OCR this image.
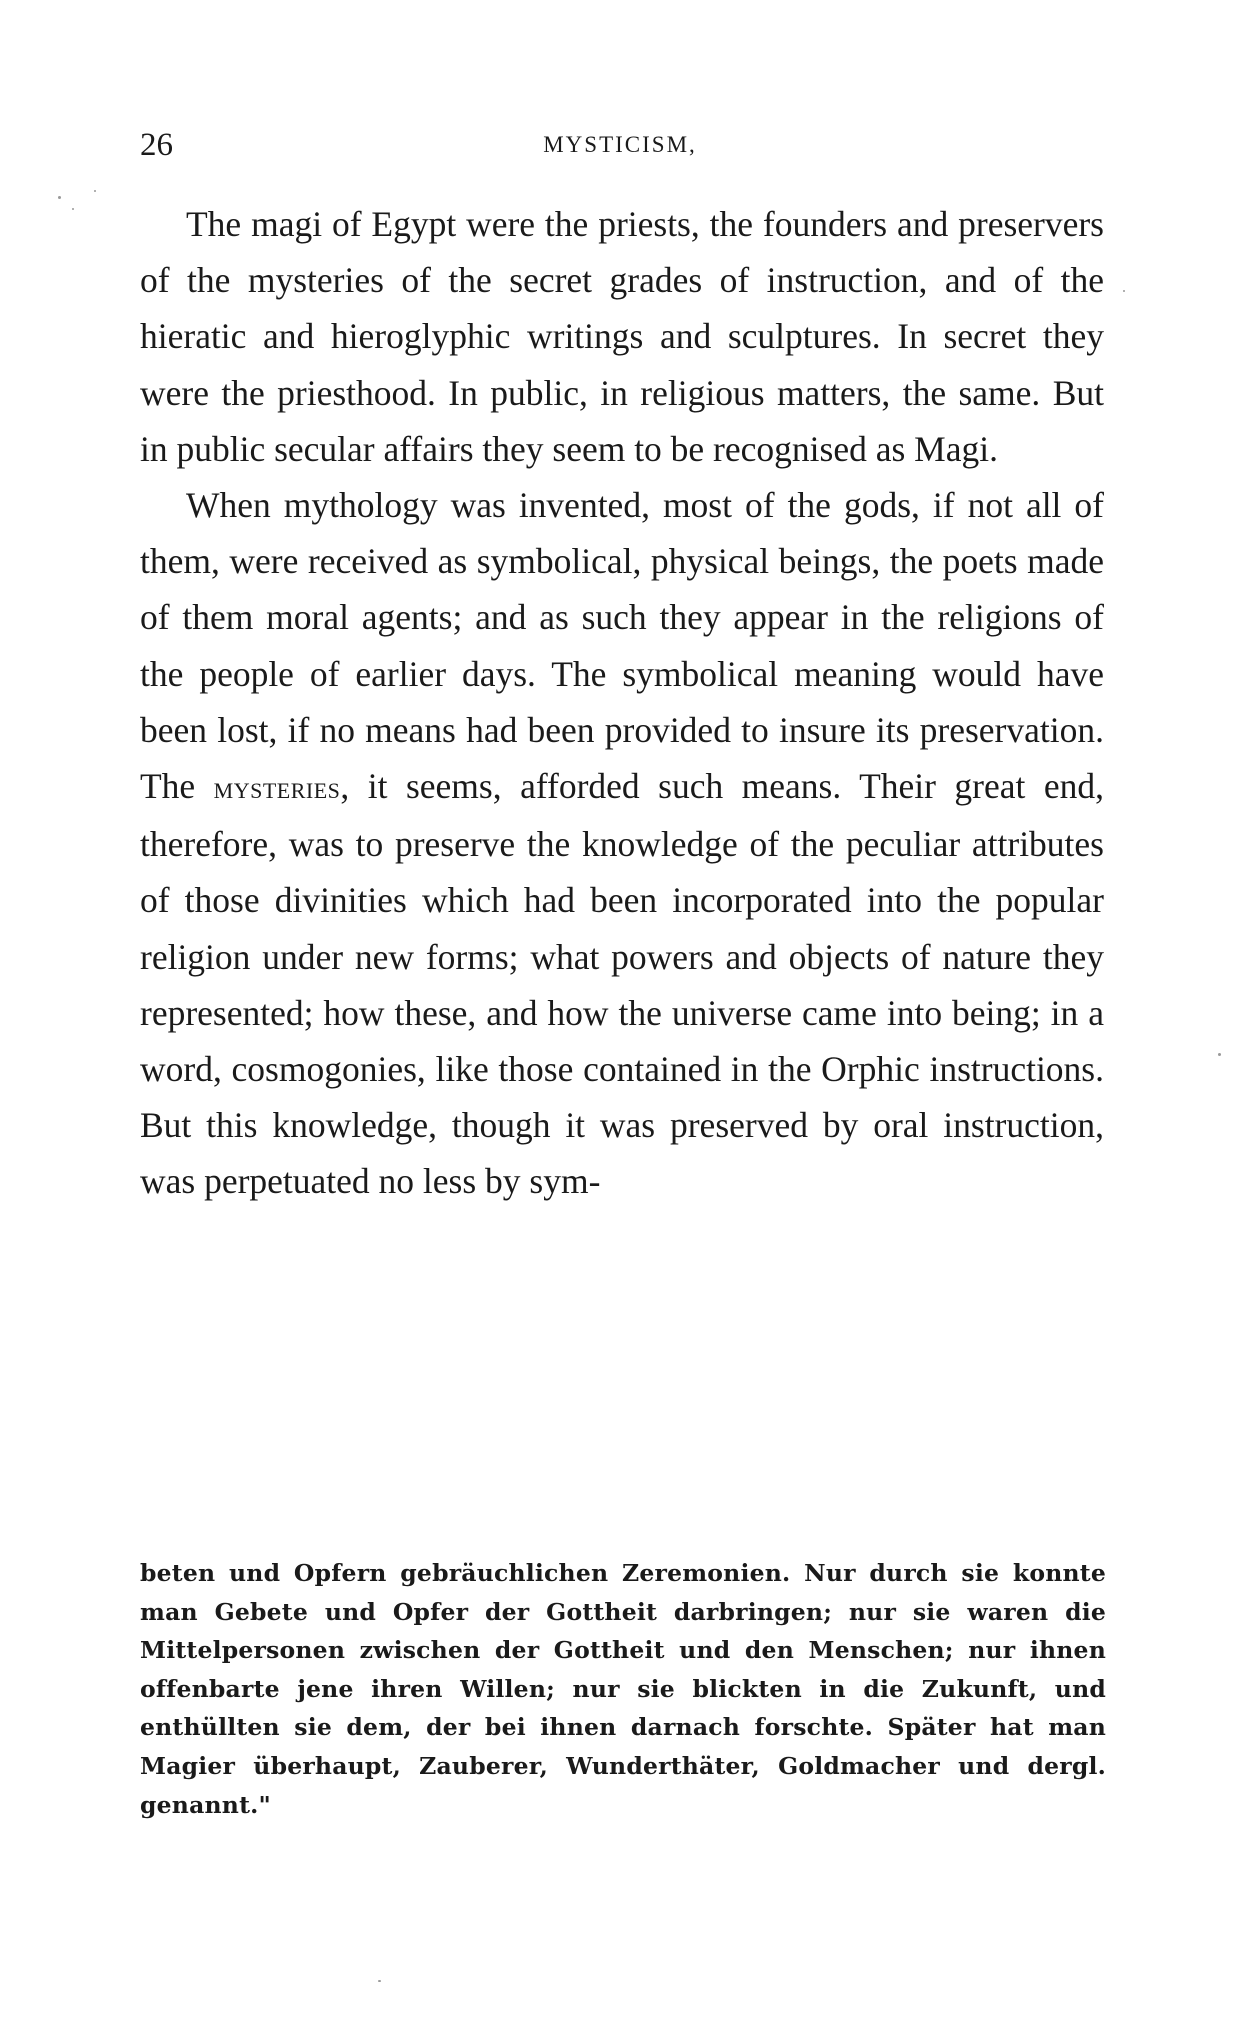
26	MYSTICISM,

The magi of Egypt were the priests, the founders and preservers of the mysteries of the secret grades of instruction, and of the hieratic and hieroglyphic writings and sculptures. In secret they were the priesthood. In public, in religious matters, the same. But in public secular affairs they seem to be recognised as Magi.

When mythology was invented, most of the gods, if not all of them, were received as symbolical, physical beings, the poets made of them moral agents; and as such they appear in the religions of the people of earlier days. The symbolical meaning would have been lost, if no means had been provided to insure its preservation. The mysteries, it seems, afforded such means. Their great end, therefore, was to preserve the knowledge of the peculiar attributes of those divinities which had been incorporated into the popular religion under new forms; what powers and objects of nature they represented; how these, and how the universe came into being; in a word, cosmogonies, like those contained in the Orphic instructions. But this knowledge, though it was preserved by oral instruction, was perpetuated no less by sym-

beten und Opfern gebräuchlichen Zeremonien. Nur durch sie konnte man Gebete und Opfer der Gottheit darbringen; nur sie waren die Mittelpersonen zwischen der Gottheit und den Menschen; nur ihnen offenbarte jene ihren Willen; nur sie blickten in die Zukunft, und enthüllten sie dem, der bei ihnen darnach forschte. Später hat man Magier überhaupt, Zauberer, Wunderthäter, Goldmacher und dergl. genannt."
